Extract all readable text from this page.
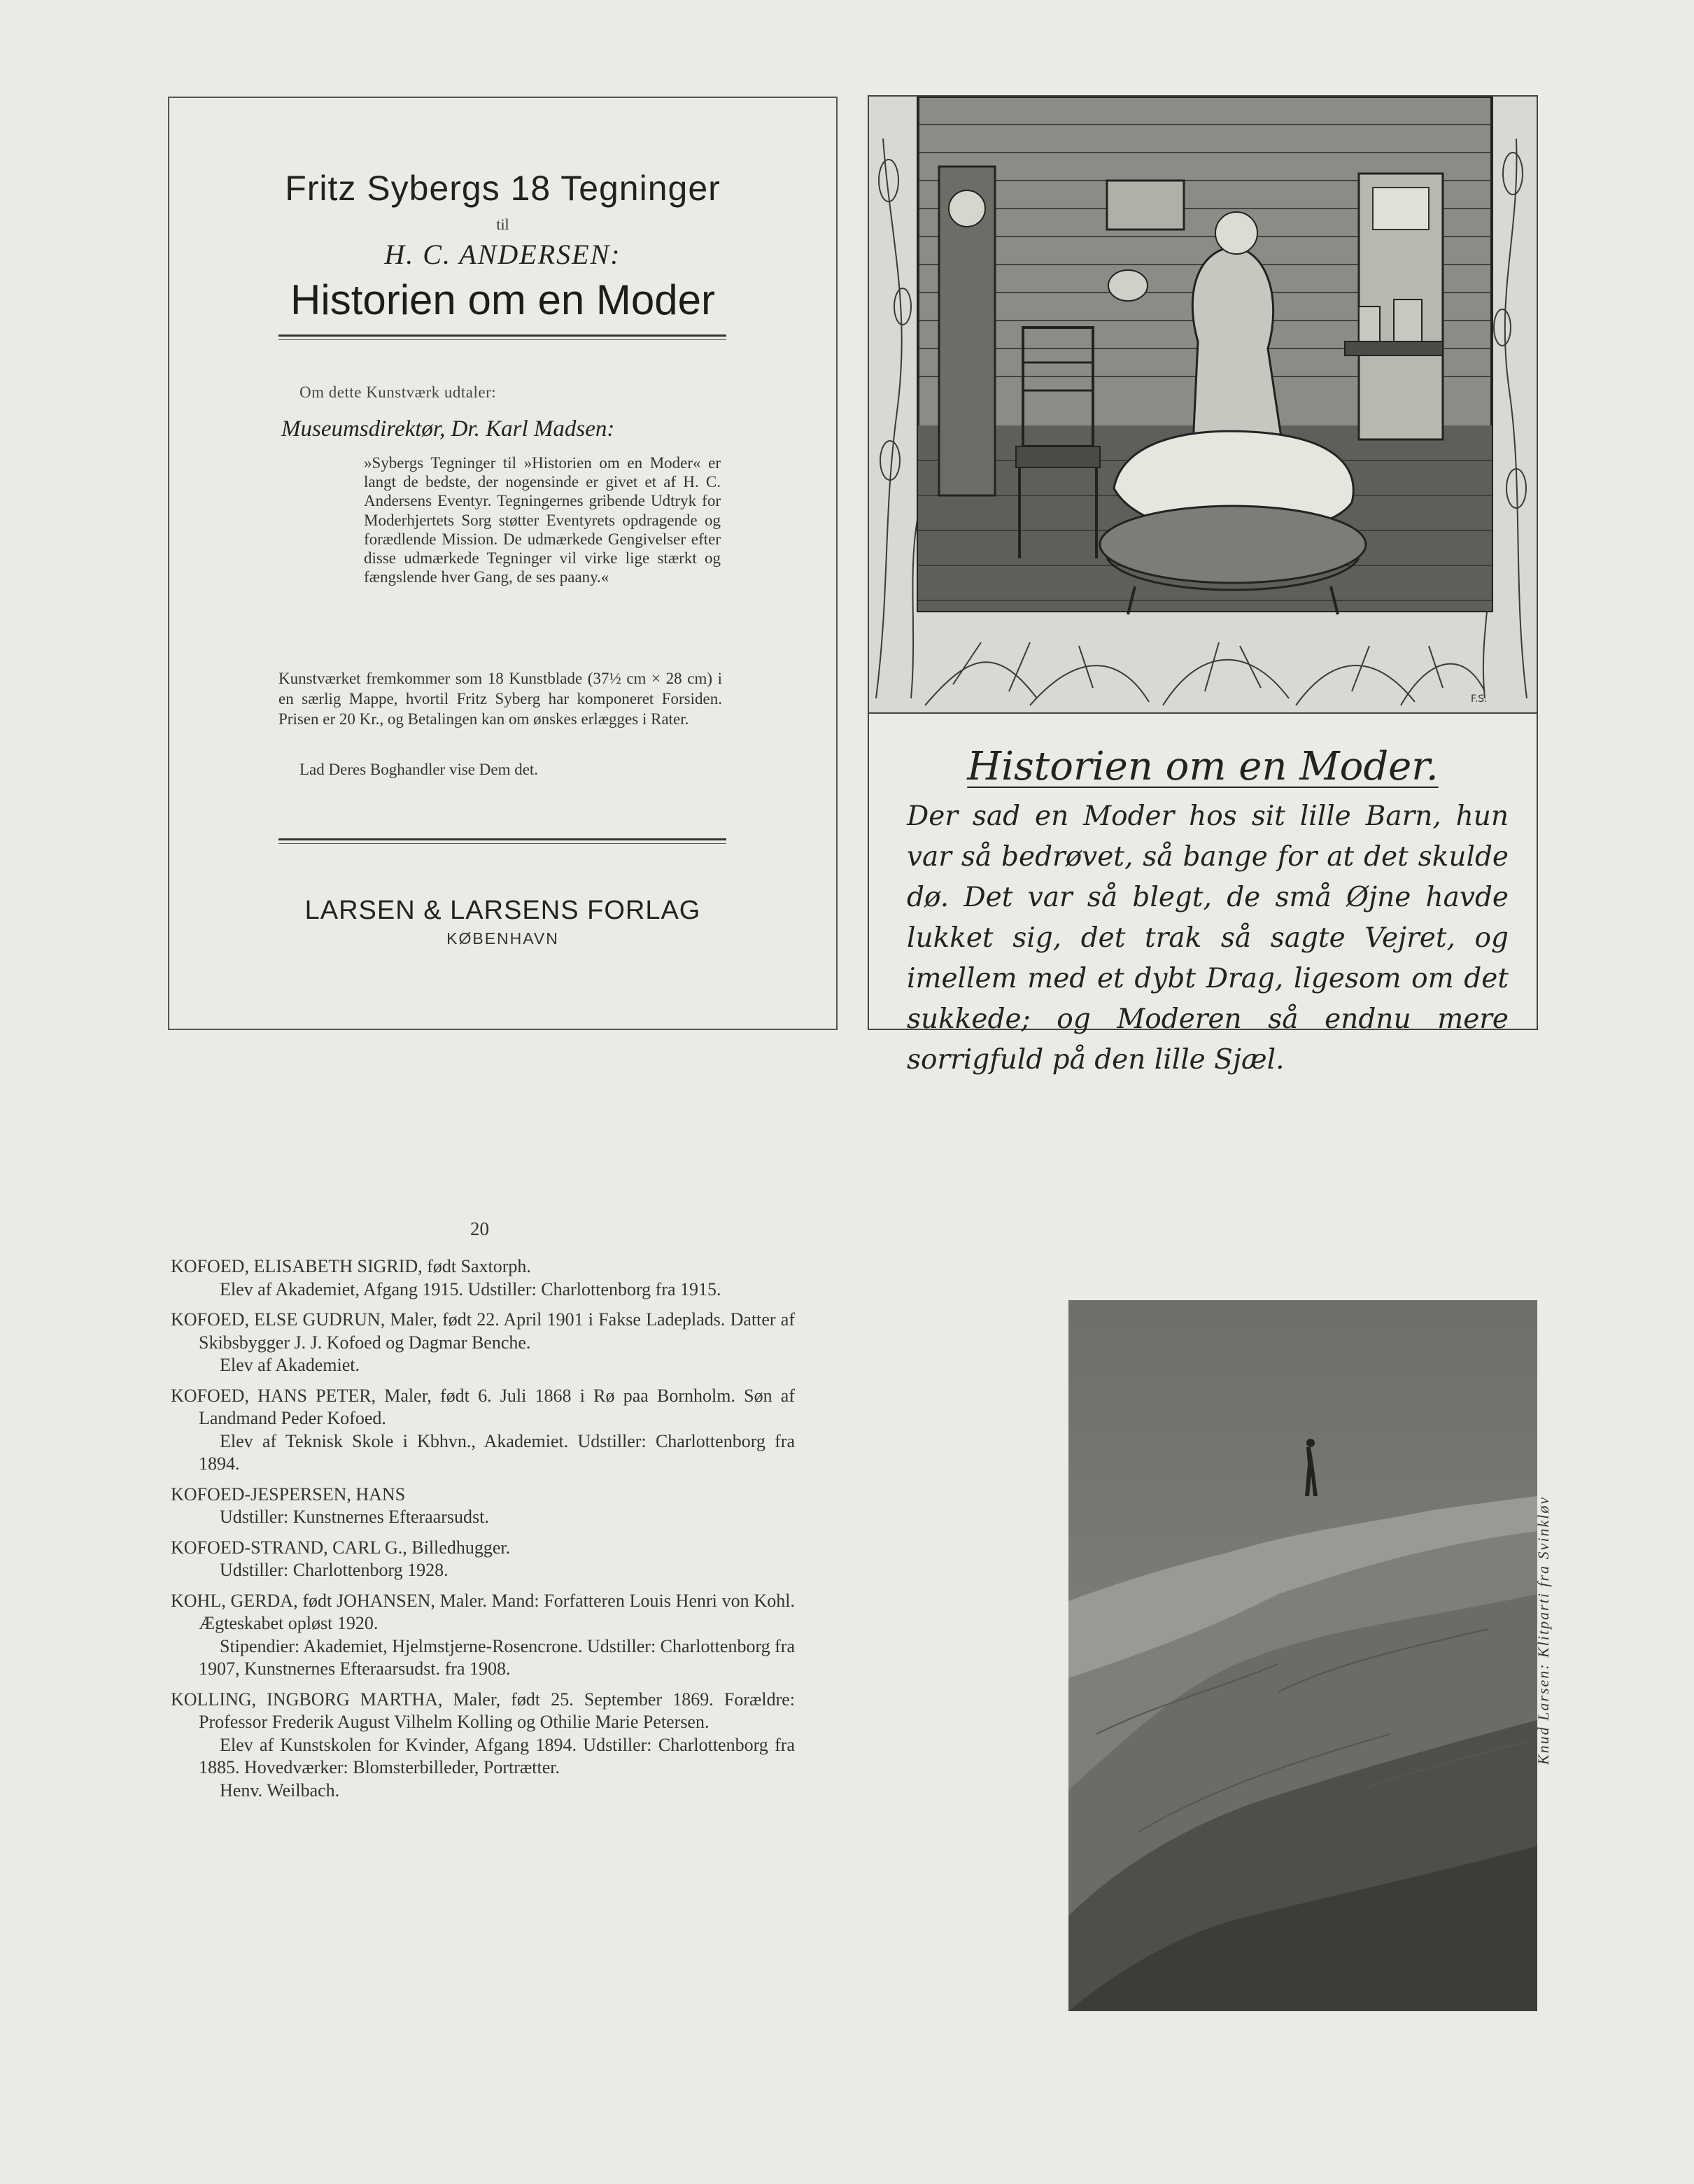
Fritz Sybergs 18 Tegninger
til
H. C. ANDERSEN:
Historien om en Moder
Om dette Kunstværk udtaler:
Museumsdirektør, Dr. Karl Madsen:
»Sybergs Tegninger til »Historien om en Moder« er langt de bedste, der nogensinde er givet et af H. C. Andersens Eventyr. Tegningernes gribende Udtryk for Moderhjertets Sorg støtter Eventyrets opdragende og forædlende Mission. De udmærkede Gengivelser efter disse udmærkede Tegninger vil virke lige stærkt og fængslende hver Gang, de ses paany.«
Kunstværket fremkommer som 18 Kunstblade (37½ cm × 28 cm) i en særlig Mappe, hvortil Fritz Syberg har komponeret Forsiden. Prisen er 20 Kr., og Betalingen kan om ønskes erlægges i Rater.
Lad Deres Boghandler vise Dem det.
LARSEN & LARSENS FORLAG
KØBENHAVN
F.S.
Historien om en Moder.
Der sad en Moder hos sit lille Barn, hun var så bedrøvet, så bange for at det skulde dø. Det var så blegt, de små Øjne havde lukket sig, det trak så sagte Vejret, og imellem med et dybt Drag, ligesom om det sukkede; og Moderen så endnu mere sorrigfuld på den lille Sjæl.
20

KOFOED, ELISABETH SIGRID, født Saxtorph.

Elev af Akademiet, Afgang 1915. Udstiller: Charlottenborg fra 1915.

KOFOED, ELSE GUDRUN, Maler, født 22. April 1901 i Fakse Ladeplads. Datter af Skibsbygger J. J. Kofoed og Dagmar Benche.

Elev af Akademiet.

KOFOED, HANS PETER, Maler, født 6. Juli 1868 i Rø paa Bornholm. Søn af Landmand Peder Kofoed.

Elev af Teknisk Skole i Kbhvn., Akademiet. Udstiller: Charlottenborg fra 1894.

KOFOED-JESPERSEN, HANS

Udstiller: Kunstnernes Efteraarsudst.

KOFOED-STRAND, CARL G., Billedhugger.

Udstiller: Charlottenborg 1928.

KOHL, GERDA, født JOHANSEN, Maler. Mand: Forfatteren Louis Henri von Kohl. Ægteskabet opløst 1920.

Stipendier: Akademiet, Hjelmstjerne-Rosencrone. Udstiller: Charlottenborg fra 1907, Kunstnernes Efteraarsudst. fra 1908.

KOLLING, INGBORG MARTHA, Maler, født 25. September 1869. Forældre: Professor Frederik August Vilhelm Kolling og Othilie Marie Petersen.

Elev af Kunstskolen for Kvinder, Afgang 1894. Udstiller: Charlottenborg fra 1885. Hovedværker: Blomsterbilleder, Portrætter.

Henv. Weilbach.

Knud Larsen: Klitparti fra Svinkløv
